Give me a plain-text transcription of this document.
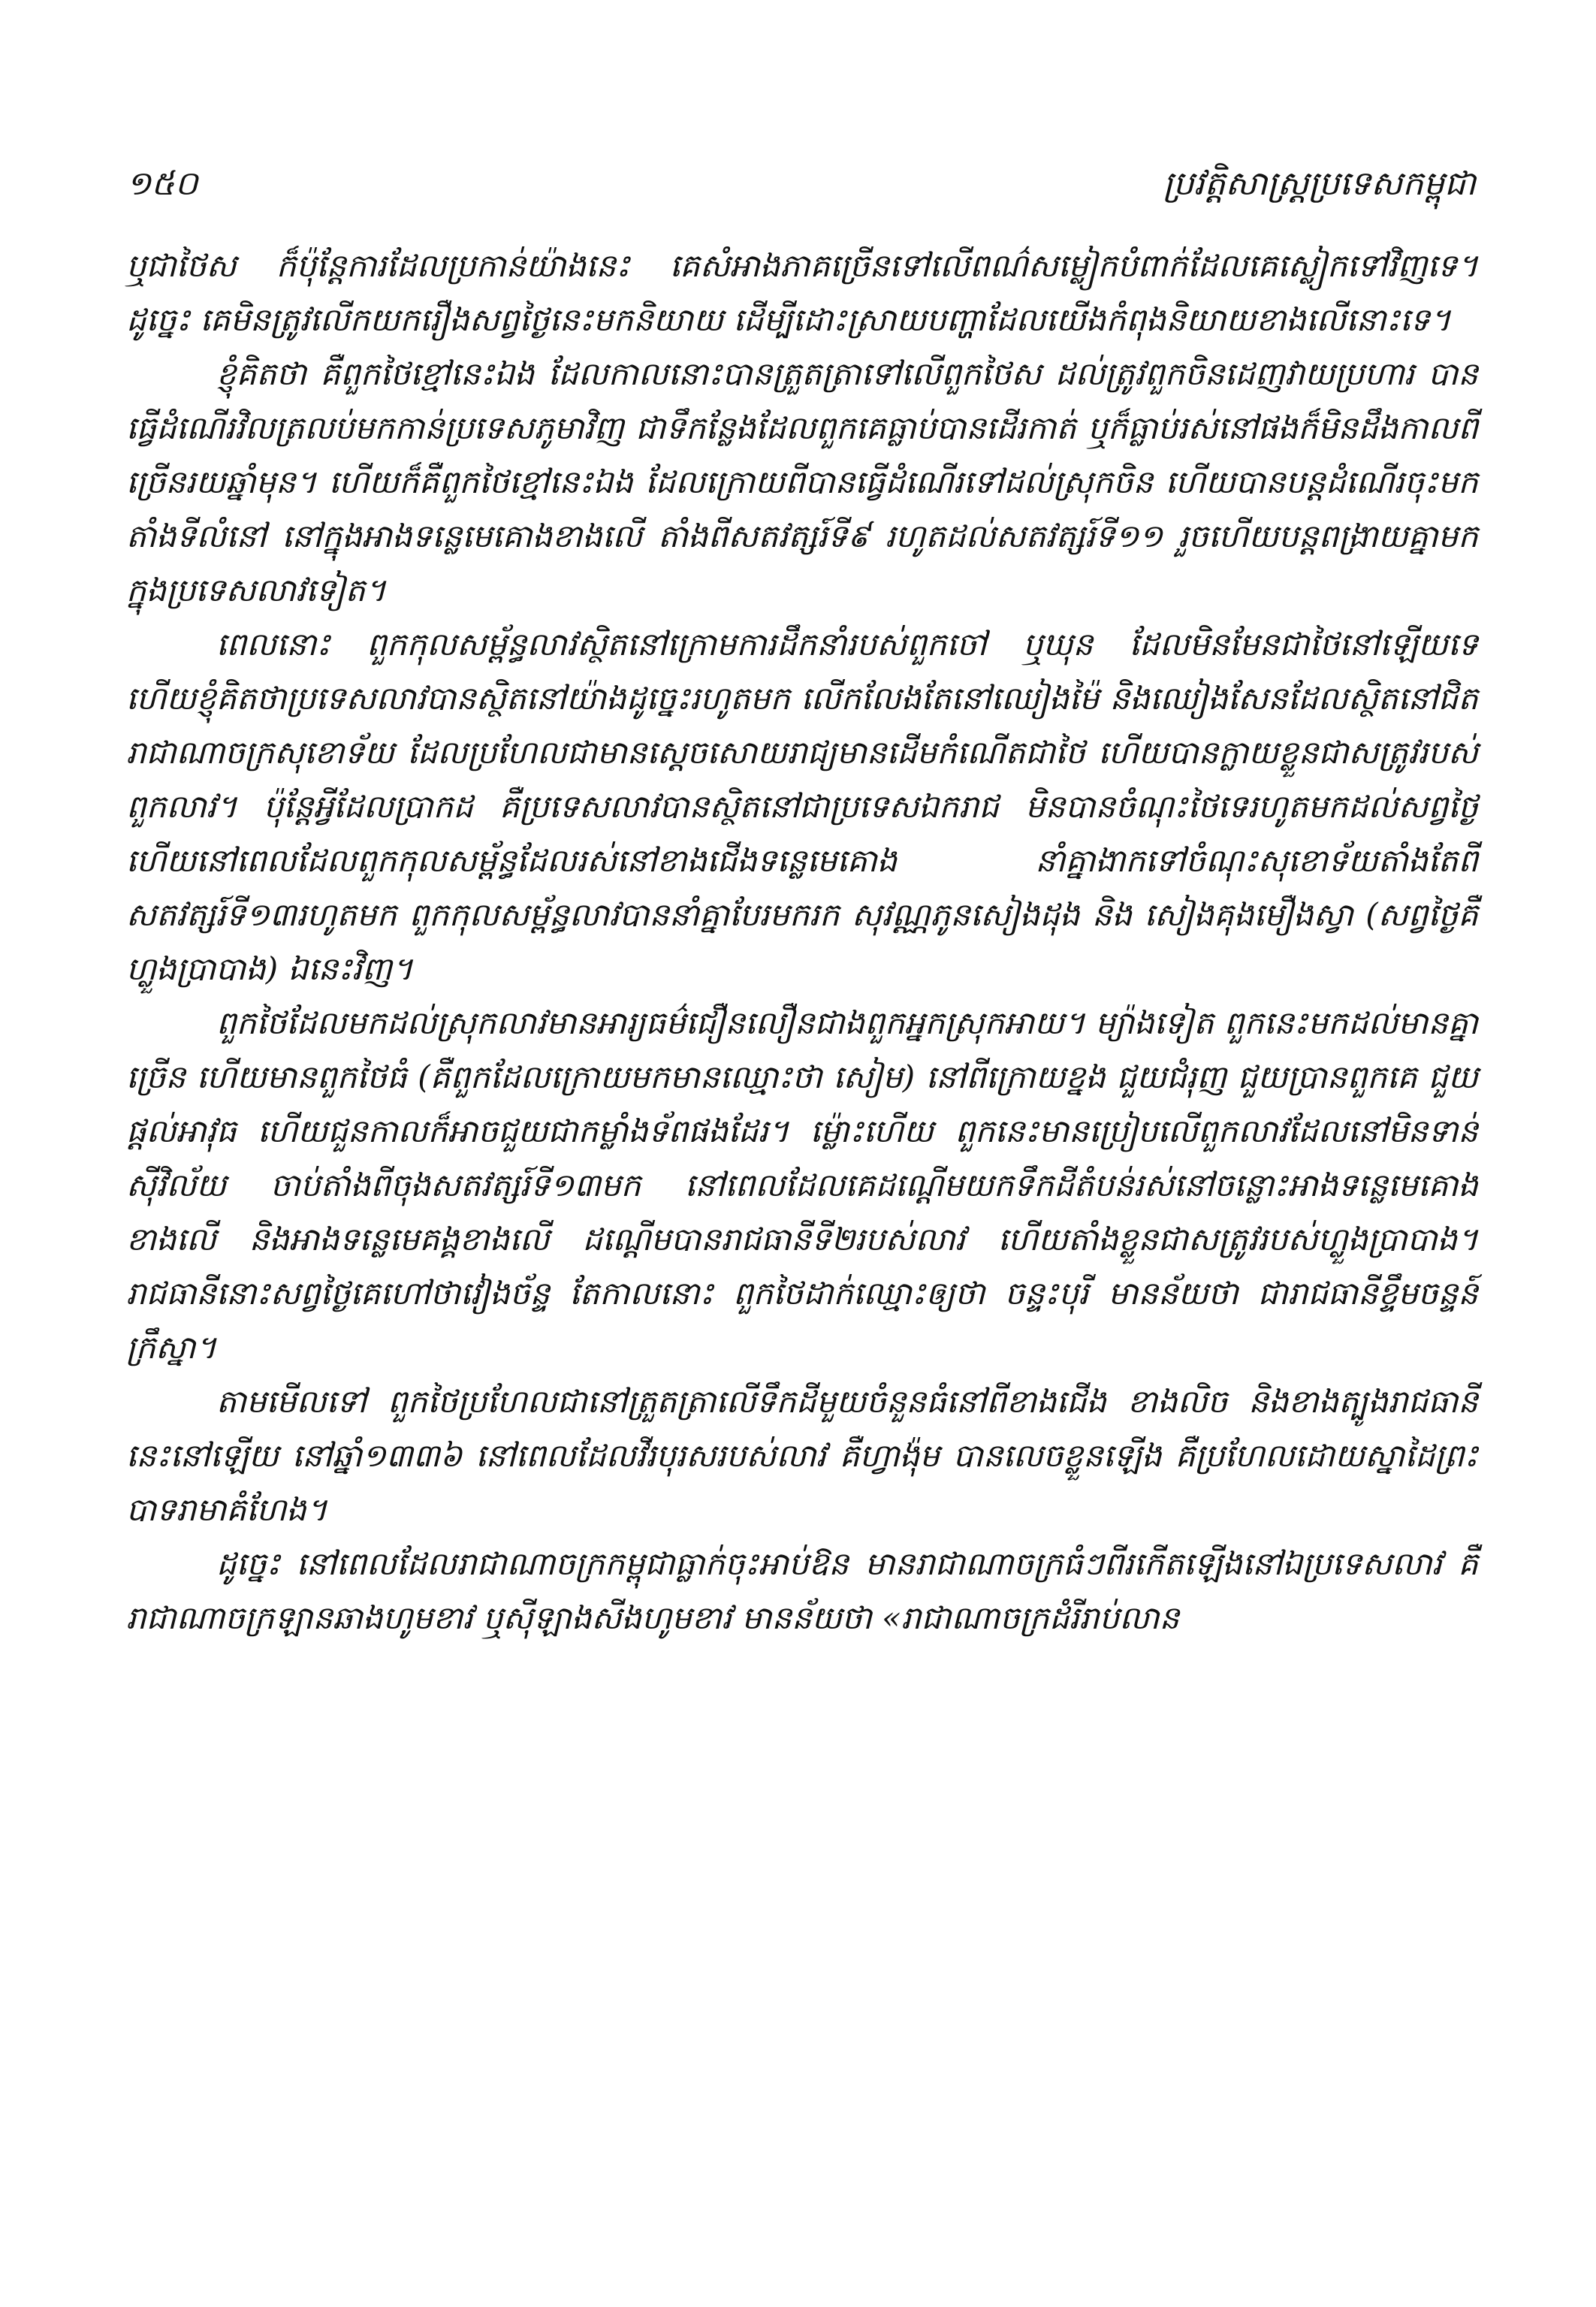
១៥០	ប្រវត្តិសាស្ត្រប្រទេសកម្ពុជា

ឬជាថៃស ក៏ប៉ុន្តែការដែលប្រកាន់យ៉ាងនេះ គេសំអាងភាគច្រើនទៅលើពណ៌សម្លៀកបំពាក់ដែលគេស្លៀកទៅវិញទេ។ ដូច្នេះ គេមិនត្រូវលើកយករឿងសព្វថ្ងៃនេះមកនិយាយ ដើម្បីដោះស្រាយបញ្ហាដែលយើងកំពុងនិយាយខាងលើនោះទេ។

ខ្ញុំគិតថា គឺពួកថៃខ្មៅនេះឯង ដែលកាលនោះបានត្រួតត្រាទៅលើពួកថៃស ដល់ត្រូវពួកចិនដេញវាយប្រហារ បានធ្វើដំណើរវិលត្រលប់មកកាន់ប្រទេសភូមាវិញ ជាទឹកន្លែងដែលពួកគេធ្លាប់បានដើរកាត់ ឬក៏ធ្លាប់រស់នៅផងក៏មិនដឹងកាលពីច្រើនរយឆ្នាំមុន។ ហើយក៏គឺពួកថៃខ្មៅនេះឯង ដែលក្រោយពីបានធ្វើដំណើរទៅដល់ស្រុកចិន ហើយបានបន្តដំណើរចុះមកតាំងទីលំនៅ នៅក្នុងអាងទន្លេមេគោងខាងលើ តាំងពីសតវត្សរ៍ទី៩ រហូតដល់សតវត្សរ៍ទី១១ រួចហើយបន្តពង្រាយគ្នាមកក្នុងប្រទេសលាវទៀត។

ពេលនោះ ពួកកុលសម្ព័ន្ធលាវស្ថិតនៅក្រោមការដឹកនាំរបស់ពួកចៅ ឬឃុន ដែលមិនមែនជាថៃនៅឡើយទេ ហើយខ្ញុំគិតថាប្រទេសលាវបានស្ថិតនៅយ៉ាងដូច្នេះរហូតមក លើកលែងតែនៅឈៀងម៉ៃ និងឈៀងសែនដែលស្ថិតនៅជិតរាជាណាចក្រសុខោទ័យ ដែលប្រហែលជាមានស្តេចសោយរាជ្យមានដើមកំណើតជាថៃ ហើយបានក្លាយខ្លួនជាសត្រូវរបស់ពួកលាវ។ ប៉ុន្តែអ្វីដែលប្រាកដ គឺប្រទេសលាវបានស្ថិតនៅជាប្រទេសឯករាជ មិនបានចំណុះថៃទេរហូតមកដល់សព្វថ្ងៃ ហើយនៅពេលដែលពួកកុលសម្ព័ន្ធដែលរស់នៅខាងជើងទន្លេមេគោង នាំគ្នាងាកទៅចំណុះសុខោទ័យតាំងតែពីសតវត្សរ៍ទី១៣រហូតមក ពួកកុលសម្ព័ន្ធលាវបាននាំគ្នាបែរមករក សុវណ្ណភូនសៀងដុង និង សៀងគុងមឿងស្វា (សព្វថ្ងៃគឺ ហ្លួងប្រាបាង) ឯនេះវិញ។

ពួកថៃដែលមកដល់ស្រុកលាវមានអារ្យធម៌ជឿនលឿនជាងពួកអ្នកស្រុកអាយ។ ម្យ៉ាងទៀត ពួកនេះមកដល់មានគ្នាច្រើន ហើយមានពួកថៃធំ (គឺពួកដែលក្រោយមកមានឈ្មោះថា សៀម) នៅពីក្រោយខ្នង ជួយជំរុញ ជួយប្រានពួកគេ ជួយផ្តល់អាវុធ ហើយជួនកាលក៏អាចជួយជាកម្លាំងទ័ពផងដែរ។ ម្ល៉ោះហើយ ពួកនេះមានប្រៀបលើពួកលាវដែលនៅមិនទាន់ស៊ីវិល័យ ចាប់តាំងពីចុងសតវត្សរ៍ទី១៣មក នៅពេលដែលគេដណ្តើមយកទឹកដីតំបន់រស់នៅចន្លោះអាងទន្លេមេគោងខាងលើ និងអាងទន្លេមេគង្គខាងលើ ដណ្តើមបានរាជធានីទី២របស់លាវ ហើយតាំងខ្លួនជាសត្រូវរបស់ហ្លួងប្រាបាង។ រាជធានីនោះសព្វថ្ងៃគេហៅថាវៀងច័ន្ទ តែកាលនោះ ពួកថៃដាក់ឈ្មោះឲ្យថា ចន្ទះបុរី មានន័យថា ជារាជធានីខ្ទឹមចន្ទន៍ក្រឹស្នា។

តាមមើលទៅ ពួកថៃប្រហែលជានៅត្រួតត្រាលើទឹកដីមួយចំនួនធំនៅពីខាងជើង ខាងលិច និងខាងត្បូងរាជធានីនេះនៅឡើយ នៅឆ្នាំ១៣៣៦ នៅពេលដែលវីរបុរសរបស់លាវ គឺហ្វាង៉ុម បានលេចខ្លួនឡើង គឺប្រហែលដោយស្នាដៃព្រះបាទរាមាគំហែង។

ដូច្នេះ នៅពេលដែលរាជាណាចក្រកម្ពុជាធ្លាក់ចុះអាប់ឱន មានរាជាណាចក្រធំៗពីរកើតឡើងនៅឯប្រទេសលាវ គឺរាជាណាចក្រឡានឆាងហូមខាវ ឬស៊ីឡាងសីងហូមខាវ មានន័យថា «រាជាណាចក្រដំរីរាប់លាន
